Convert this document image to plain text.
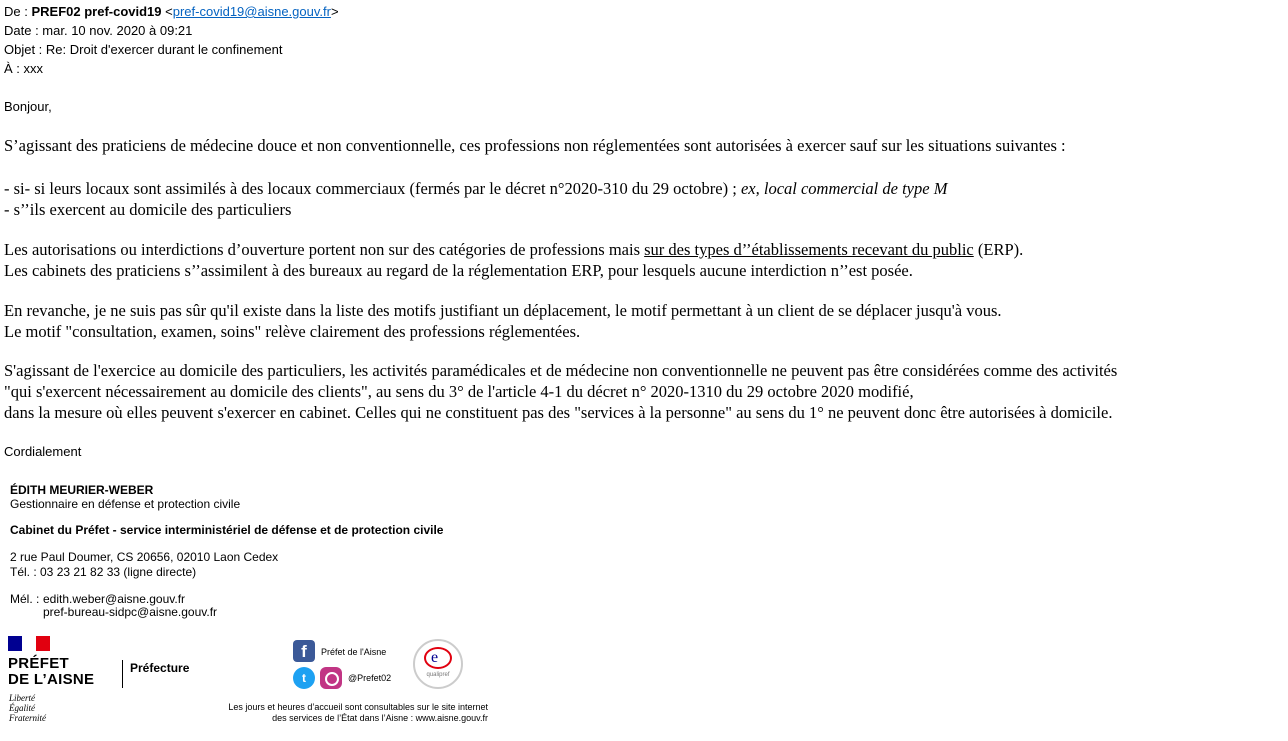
De : PREF02 pref-covid19 <pref-covid19@aisne.gouv.fr>
Date : mar. 10 nov. 2020 à 09:21
Objet : Re: Droit d'exercer durant le confinement
À : xxx
Bonjour,
S’agissant des praticiens de médecine douce et non conventionnelle, ces professions non réglementées sont autorisées à exercer sauf sur les situations suivantes :
- si- si leurs locaux sont assimilés à des locaux commerciaux (fermés par le décret n°2020-310 du 29 octobre) ; ex, local commercial de type M
- s’’ils exercent au domicile des particuliers
Les autorisations ou interdictions d’ouverture portent non sur des catégories de professions mais sur des types d’’établissements recevant du public (ERP).
Les cabinets des praticiens s’’assimilent à des bureaux au regard de la réglementation ERP, pour lesquels aucune interdiction n’’est posée.
En revanche, je ne suis pas sûr qu'il existe dans la liste des motifs justifiant un déplacement, le motif permettant à un client de se déplacer jusqu'à vous.
Le motif "consultation, examen, soins" relève clairement des professions réglementées.
S'agissant de l'exercice au domicile des particuliers, les activités paramédicales et de médecine non conventionnelle ne peuvent pas être considérées comme des activités
"qui s'exercent nécessairement au domicile des clients", au sens du 3° de l'article 4-1 du décret n° 2020-1310 du 29 octobre 2020 modifié,
dans la mesure où elles peuvent s'exercer en cabinet. Celles qui ne constituent pas des "services à la personne" au sens du 1° ne peuvent donc être autorisées à domicile.
Cordialement
ÉDITH MEURIER-WEBER
Gestionnaire en défense et protection civile
Cabinet du Préfet - service interministériel de défense et de protection civile
2 rue Paul Doumer, CS 20656, 02010 Laon Cedex
Tél. : 03 23 21 82 33 (ligne directe)
Mél. : edith.weber@aisne.gouv.fr
pref-bureau-sidpc@aisne.gouv.fr
PRÉFET
DE L’AISNE
Liberté
Égalité
Fraternité
Préfecture
f	Préfet de l'Aisne
t	@Prefet02
e
qualipref
Les jours et heures d’accueil sont consultables sur le site internet
des services de l’État dans l’Aisne : www.aisne.gouv.fr
